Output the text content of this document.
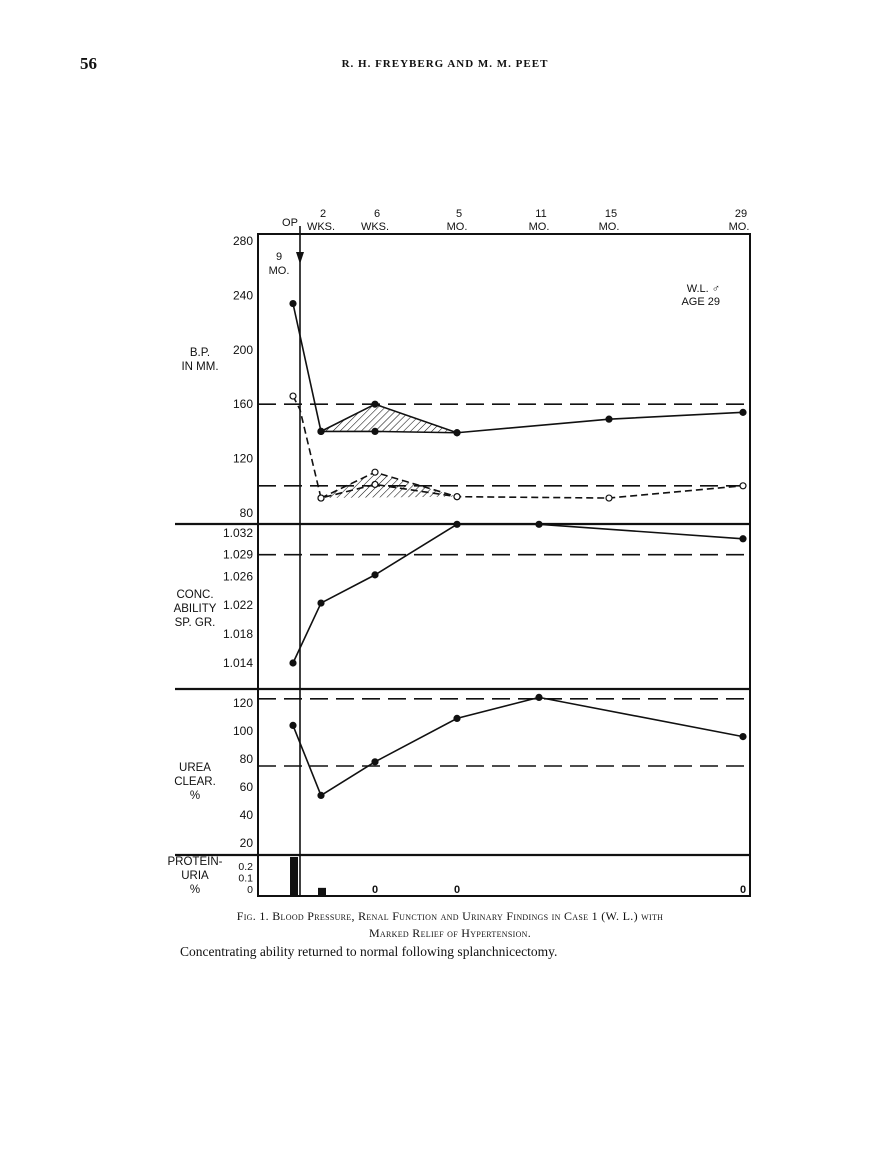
56	R. H. FREYBERG AND M. M. PEET
9
MO.
OP
2
WKS.
6
WKS.
5
MO.
11
MO.
15
MO.
29
MO.
W.L. ♂
AGE 29
80
120
160
200
240
280
B.P.
IN MM.
1.014
1.018
1.022
1.026
1.029
1.032
CONC.
ABILITY
SP. GR.
20
40
60
80
100
120
UREA
CLEAR.
%
0
0.1
0.2
PROTEIN-
URIA
%	0	0	0
Fig. 1. Blood Pressure, Renal Function and Urinary Findings in Case 1 (W. L.) with
Marked Relief of Hypertension.
Concentrating ability returned to normal following splanchnicectomy.
